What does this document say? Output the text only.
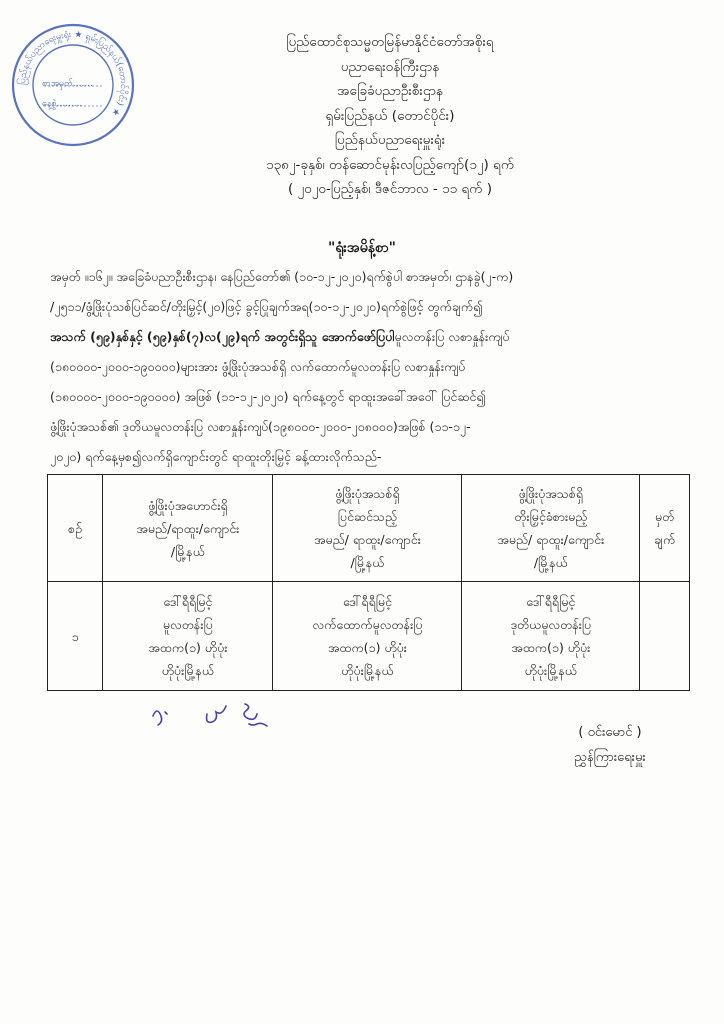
ပြည်နယ်ပညာရေးမှူးရုံး ★ ရှမ်းပြည်နယ်(တောင်ပိုင်း) ★
စာအမှတ်.......
နေ့စွဲ.........
ပြည်ထောင်စုသမ္မတမြန်မာနိုင်ငံတော်အစိုးရ
ပညာရေးဝန်ကြီးဌာန
အခြေခံပညာဦးစီးဌာန
ရှမ်းပြည်နယ် (တောင်ပိုင်း)
ပြည်နယ်ပညာရေးမှူးရုံး
၁၃၈၂-ခုနှစ်၊ တန်ဆောင်မုန်းလပြည့်ကျော်(၁၂) ရက်
( ၂၀၂၀-ပြည့်နှစ်၊ ဒီဇင်ဘာလ - ၁၁ ရက် )
"ရုံးအမိန့်စာ"
အမှတ် ။၁၆၂။ အခြေခံပညာဦးစီးဌာန၊ နေပြည်တော်၏ (၁၀-၁၂-၂၀၂၀)ရက်စွဲပါ စာအမှတ်၊ ဌာနခွဲ(၂-က)
/၂၅၁၁/ဖွံ့ဖြိုးပုံသစ်ပြင်ဆင်/တိုးမြှင့်(၂၀)ဖြင့် ခွင့်ပြုချက်အရ(၁၀-၁၂-၂၀၂၀)ရက်စွဲဖြင့် တွက်ချက်၍
အသက် (၅၉)နှစ်နှင့် (၅၉)နှစ်(၇)လ(၂၉)ရက် အတွင်းရှိသူ အောက်ဖော်ပြပါမူလတန်းပြ လစာနှုန်းကျပ်
(၁၈၀၀၀၀-၂၀၀၀-၁၉၀၀၀၀)များအား ဖွံ့ဖြိုးပုံအသစ်ရှိ လက်ထောက်မူလတန်းပြ လစာနှုန်းကျပ်
(၁၈၀၀၀၀-၂၀၀၀-၁၉၀၀၀၀) အဖြစ် (၁၁-၁၂-၂၀၂၀) ရက်နေ့တွင် ရာထူးအခေါ်အဝေါ် ပြင်ဆင်၍
ဖွံ့ဖြိုးပုံအသစ်၏ ဒုတိယမူလတန်းပြ လစာနှုန်းကျပ်(၁၉၈၀၀၀-၂၀၀၀-၂၀၈၀၀၀)အဖြစ် (၁၁-၁၂-
၂၀၂၀) ရက်နေ့မှစ၍လက်ရှိကျောင်းတွင် ရာထူးတိုးမြှင့် ခန့်ထားလိုက်သည်-
စဉ်	ဖွံ့ဖြိုးပုံအဟောင်းရှိ
အမည်/ရာထူး/ကျောင်း
/မြို့နယ်	ဖွံ့ဖြိုးပုံအသစ်ရှိ
ပြင်ဆင်သည့်
အမည်/ ရာထူး/ကျောင်း
/မြို့နယ်	ဖွံ့ဖြိုးပုံအသစ်ရှိ
တိုးမြှင့်ခံစားမည့်
အမည်/ ရာထူး/ကျောင်း
/မြို့နယ်	မှတ်
ချက်

၁	ဒေါ်ရီရီမြင့်
မူလတန်းပြ
အထက(၁) ဟိုပုံး
ဟိုပုံးမြို့နယ်	ဒေါ်ရီရီမြင့်
လက်ထောက်မူလတန်းပြ
အထက(၁) ဟိုပုံး
ဟိုပုံးမြို့နယ်	ဒေါ်ရီရီမြင့်
ဒုတိယမူလတန်းပြ
အထက(၁) ဟိုပုံး
ဟိုပုံးမြို့နယ်	

( ဝင်းမောင် )
ညွှန်ကြားရေးမှူး
